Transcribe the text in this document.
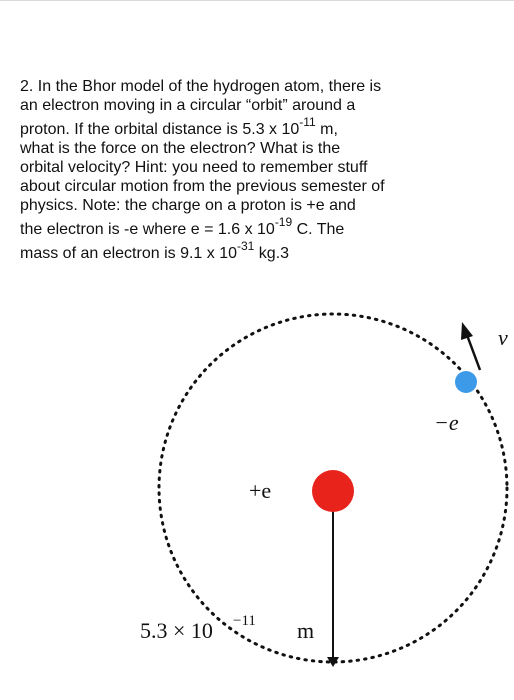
2. In the Bhor model of the hydrogen atom, there is
an electron moving in a circular “orbit” around a
proton. If the orbital distance is 5.3 x $10^{-11}$ m,
what is the force on the electron? What is the
orbital velocity? Hint: you need to remember stuff
about circular motion from the previous semester of
physics. Note: the charge on a proton is +e and
the electron is -e where e = 1.6 x $10^{-19}$ C. The
mass of an electron is 9.1 x $10^{-31}$ kg.3
+e
−e
v
5.3 × 10 −11 m
